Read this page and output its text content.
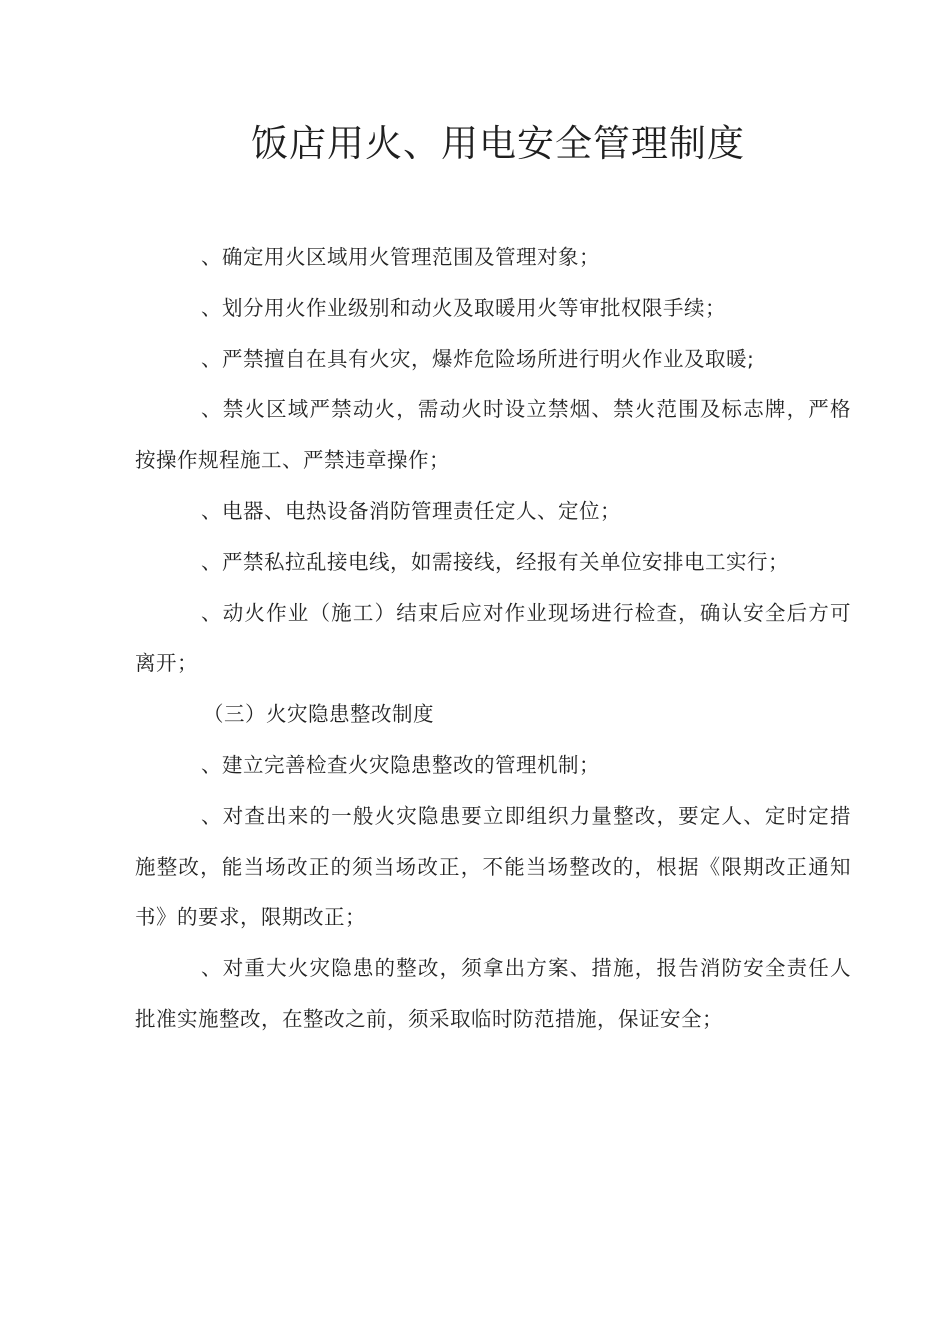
饭店用火、用电安全管理制度

、确定用火区域用火管理范围及管理对象；

、划分用火作业级别和动火及取暖用火等审批权限手续；

、严禁擅自在具有火灾，爆炸危险场所进行明火作业及取暖;

、禁火区域严禁动火，需动火时设立禁烟、禁火范围及标志牌，严格按操作规程施工、严禁违章操作；

、电器、电热设备消防管理责任定人、定位；

、严禁私拉乱接电线，如需接线，经报有关单位安排电工实行；

、动火作业（施工）结束后应对作业现场进行检查，确认安全后方可离开；

（三）火灾隐患整改制度

、建立完善检查火灾隐患整改的管理机制；

、对查出来的一般火灾隐患要立即组织力量整改，要定人、定时定措施整改，能当场改正的须当场改正，不能当场整改的，根据《限期改正通知书》的要求，限期改正；

、对重大火灾隐患的整改，须拿出方案、措施，报告消防安全责任人批准实施整改，在整改之前，须采取临时防范措施，保证安全；
